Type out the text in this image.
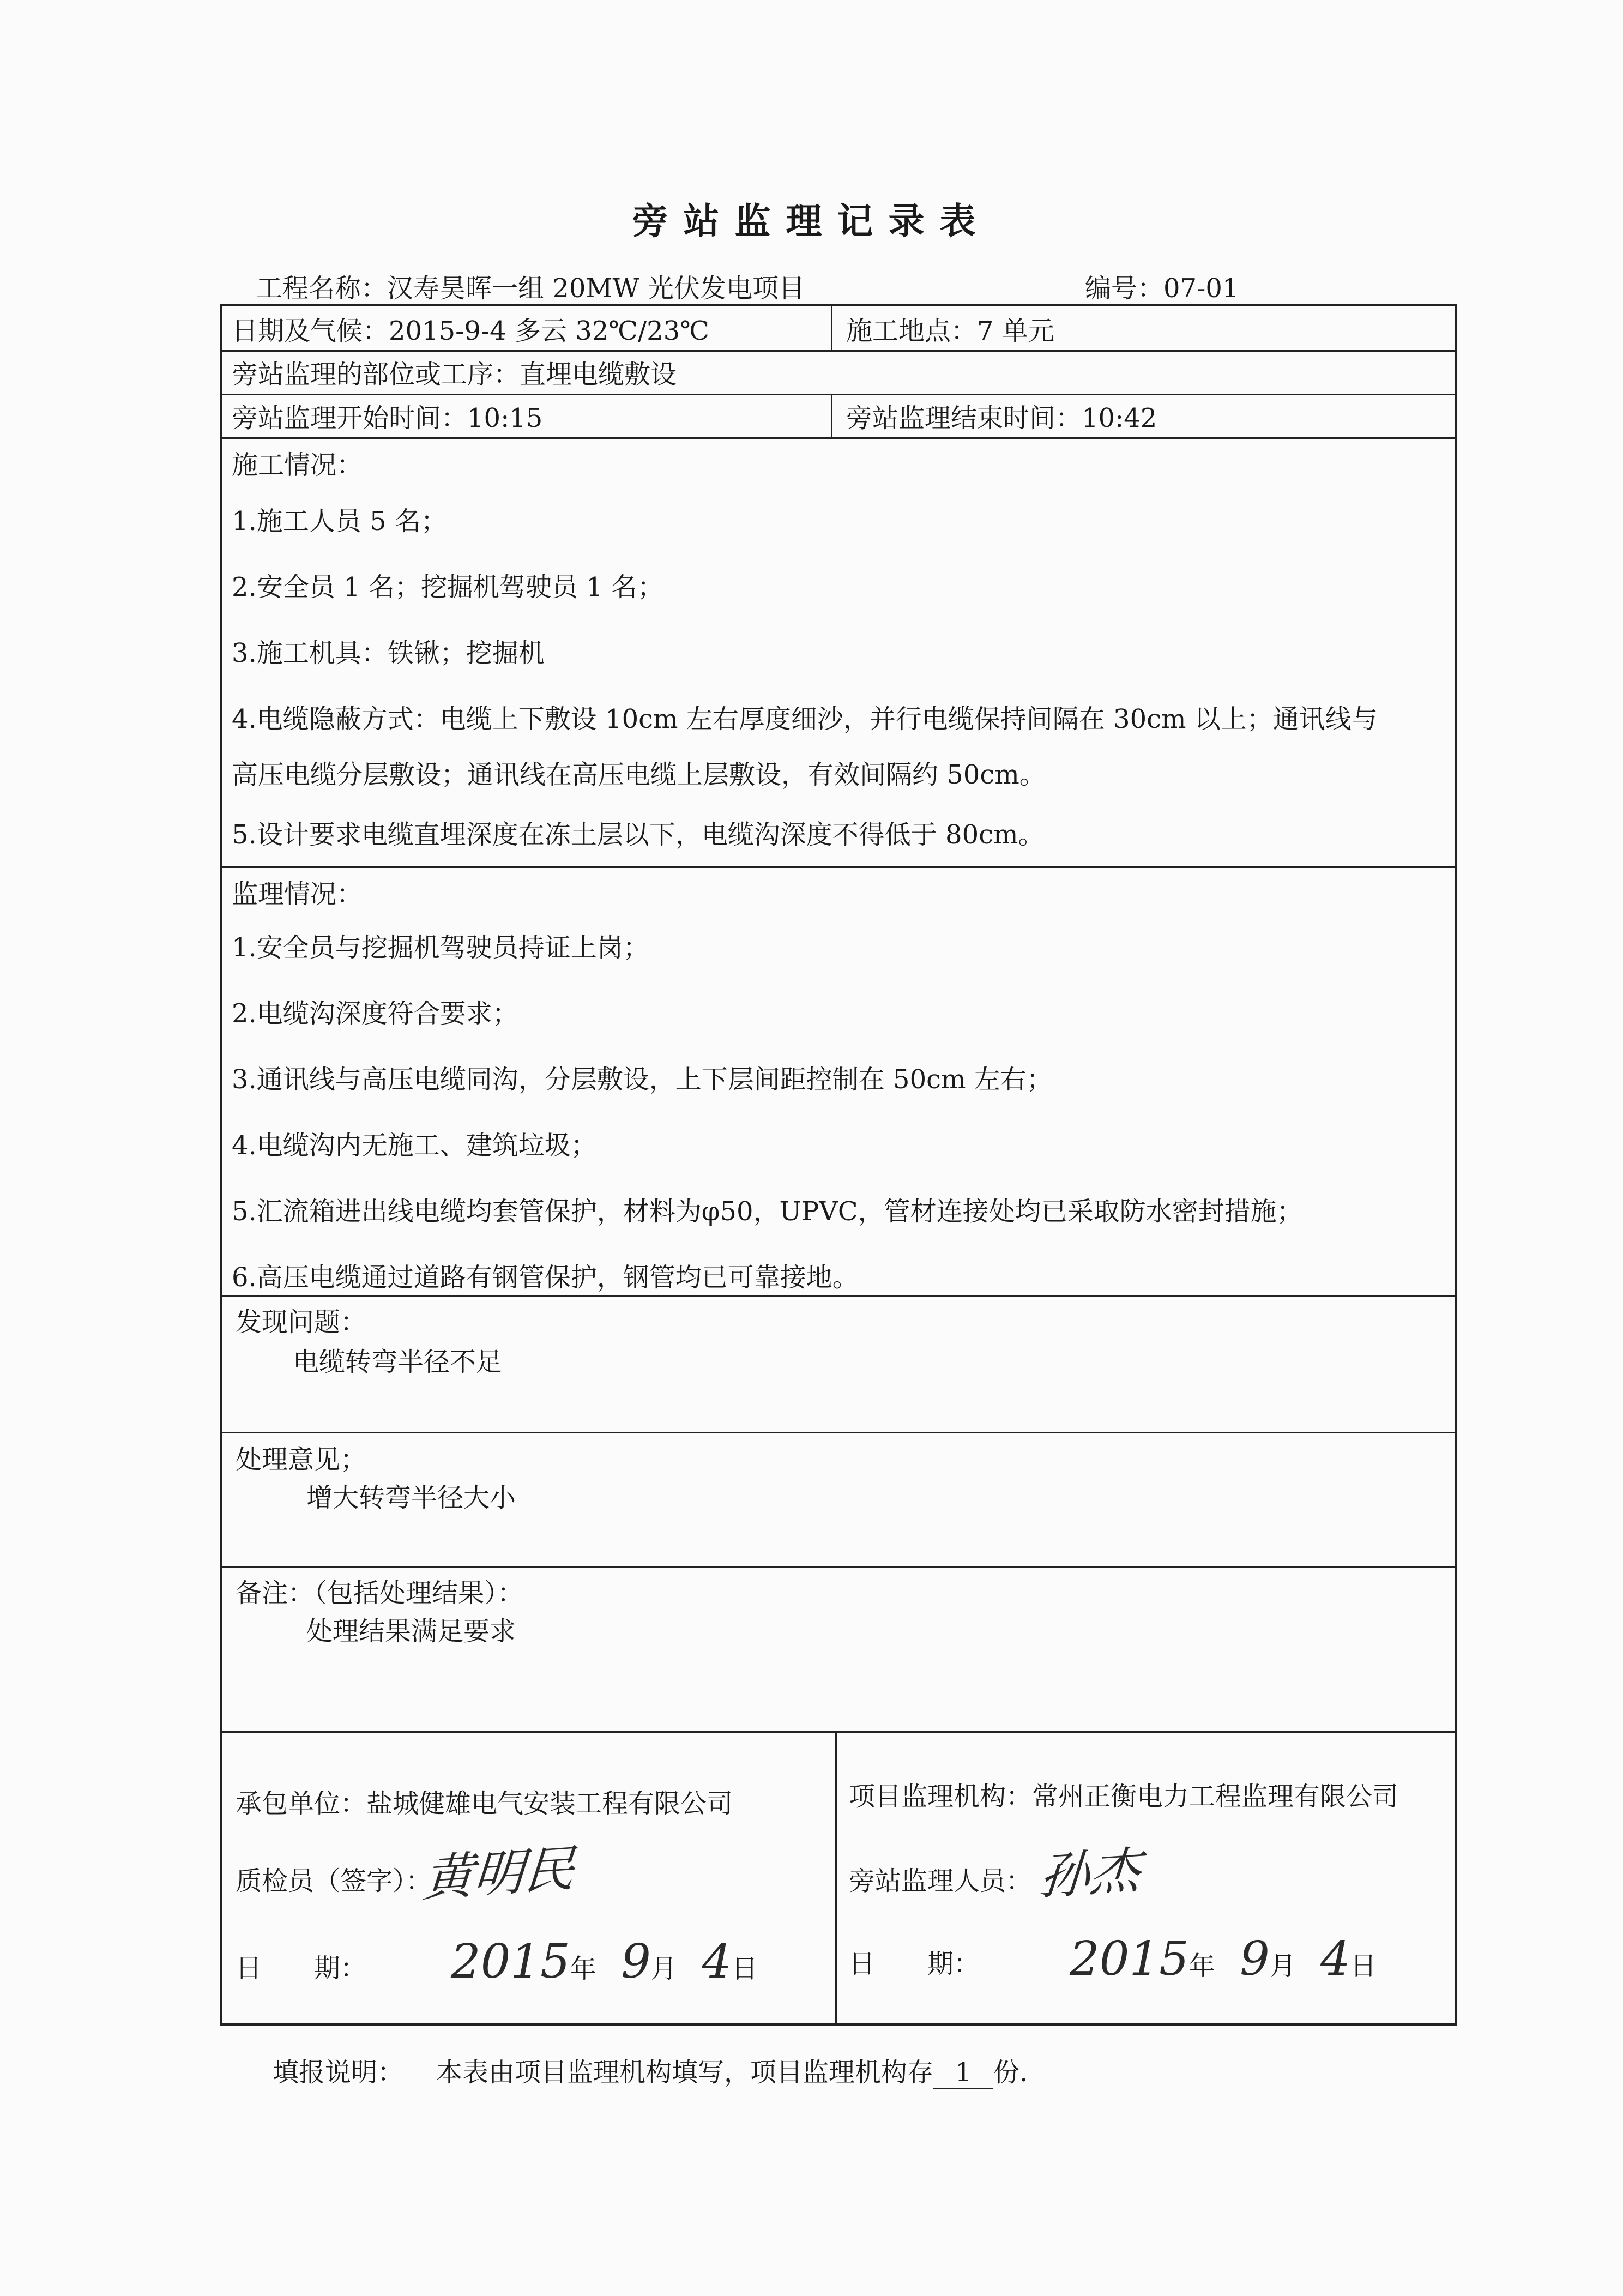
旁站监理记录表
工程名称：汉寿昊晖一组 20MW 光伏发电项目	编号：07-01
日期及气候：2015-9-4 多云 32℃/23℃	施工地点：7 单元
旁站监理的部位或工序：直埋电缆敷设
旁站监理开始时间：10:15	旁站监理结束时间：10:42
施工情况：
1.施工人员 5 名；
2.安全员 1 名；挖掘机驾驶员 1 名；
3.施工机具：铁锹；挖掘机
4.电缆隐蔽方式：电缆上下敷设 10cm 左右厚度细沙，并行电缆保持间隔在 30cm 以上；通讯线与
高压电缆分层敷设；通讯线在高压电缆上层敷设，有效间隔约 50cm。
5.设计要求电缆直埋深度在冻土层以下，电缆沟深度不得低于 80cm。
监理情况：
1.安全员与挖掘机驾驶员持证上岗；
2.电缆沟深度符合要求；
3.通讯线与高压电缆同沟，分层敷设，上下层间距控制在 50cm 左右；
4.电缆沟内无施工、建筑垃圾；
5.汇流箱进出线电缆均套管保护，材料为φ50，UPVC，管材连接处均已采取防水密封措施；
6.高压电缆通过道路有钢管保护，钢管均已可靠接地。
发现问题：
电缆转弯半径不足
处理意见；
增大转弯半径大小
备注：（包括处理结果）：
处理结果满足要求
承包单位：盐城健雄电气安装工程有限公司
质检员（签字）：
黄明民
日　　期： 2015年 9月 4日
项目监理机构：常州正衡电力工程监理有限公司
旁站监理人员： 孙杰
日　　期： 2015年 9月 4日
填报说明： 本表由项目监理机构填写，项目监理机构存 1 份.
